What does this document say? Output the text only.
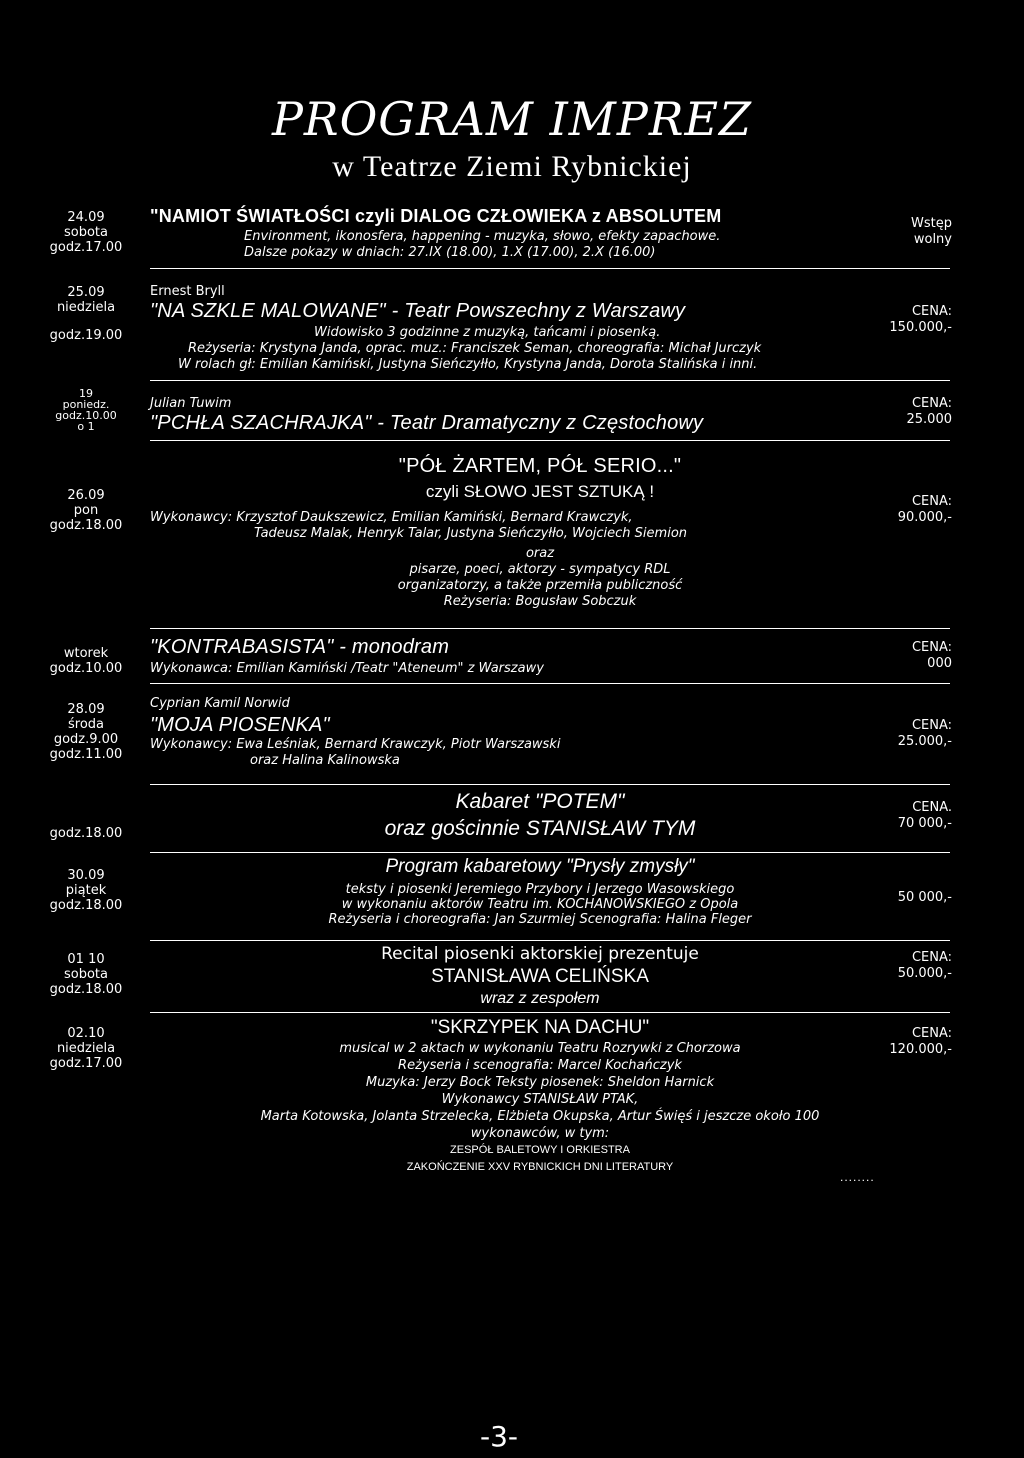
PROGRAM IMPREZ
w Teatrze Ziemi Rybnickiej
24.09
sobota
godz.17.00
"NAMIOT ŚWIATŁOŚCI czyli DIALOG CZŁOWIEKA z ABSOLUTEM
Environment, ikonosfera, happening - muzyka, słowo, efekty zapachowe.
Dalsze pokazy w dniach: 27.IX (18.00), 1.X (17.00), 2.X (16.00)
Wstęp
wolny
25.09
niedziela
godz.19.00
Ernest Bryll
"NA SZKLE MALOWANE" - Teatr Powszechny z Warszawy
Widowisko 3 godzinne z muzyką, tańcami i piosenką.
Reżyseria: Krystyna Janda, oprac. muz.: Franciszek Seman, choreografia: Michał Jurczyk
W rolach gł: Emilian Kamiński, Justyna Sieńczyłło, Krystyna Janda, Dorota Stalińska i inni.
CENA:
150.000,-
19
poniedz.
godz.10.00
o 1
Julian Tuwim
"PCHŁA SZACHRAJKA" - Teatr Dramatyczny z Częstochowy
CENA:
25.000
26.09
pon
godz.18.00
"PÓŁ ŻARTEM, PÓŁ SERIO..."
czyli SŁOWO JEST SZTUKĄ !
Wykonawcy: Krzysztof Daukszewicz, Emilian Kamiński, Bernard Krawczyk,
Tadeusz Malak, Henryk Talar, Justyna Sieńczyłło, Wojciech Siemion
oraz
pisarze, poeci, aktorzy - sympatycy RDL
organizatorzy, a także przemiła publiczność
Reżyseria: Bogusław Sobczuk
CENA:
90.000,-
wtorek
godz.10.00
"KONTRABASISTA" - monodram
Wykonawca: Emilian Kamiński /Teatr "Ateneum" z Warszawy
CENA:
000
28.09
środa
godz.9.00
godz.11.00
Cyprian Kamil Norwid
"MOJA PIOSENKA"
Wykonawcy: Ewa Leśniak, Bernard Krawczyk, Piotr Warszawski
oraz Halina Kalinowska
CENA:
25.000,-
godz.18.00
Kabaret "POTEM"
oraz gościnnie STANISŁAW TYM
CENA.
70 000,-
30.09
piątek
godz.18.00
Program kabaretowy "Prysły zmysły"
teksty i piosenki Jeremiego Przybory i Jerzego Wasowskiego
w wykonaniu aktorów Teatru im. KOCHANOWSKIEGO z Opola
Reżyseria i choreografia: Jan Szurmiej Scenografia: Halina Fleger
50 000,-
01 10
sobota
godz.18.00
Recital piosenki aktorskiej prezentuje
STANISŁAWA CELIŃSKA
wraz z zespołem
CENA:
50.000,-
02.10
niedziela
godz.17.00
"SKRZYPEK NA DACHU"
musical w 2 aktach w wykonaniu Teatru Rozrywki z Chorzowa
Reżyseria i scenografia: Marcel Kochańczyk
Muzyka: Jerzy Bock Teksty piosenek: Sheldon Harnick
Wykonawcy STANISŁAW PTAK,
Marta Kotowska, Jolanta Strzelecka, Elżbieta Okupska, Artur Święś i jeszcze około 100
wykonawców, w tym:
ZESPÓŁ BALETOWY I ORKIESTRA
ZAKOŃCZENIE XXV RYBNICKICH DNI LITERATURY
CENA:
120.000,-
........
-3-
